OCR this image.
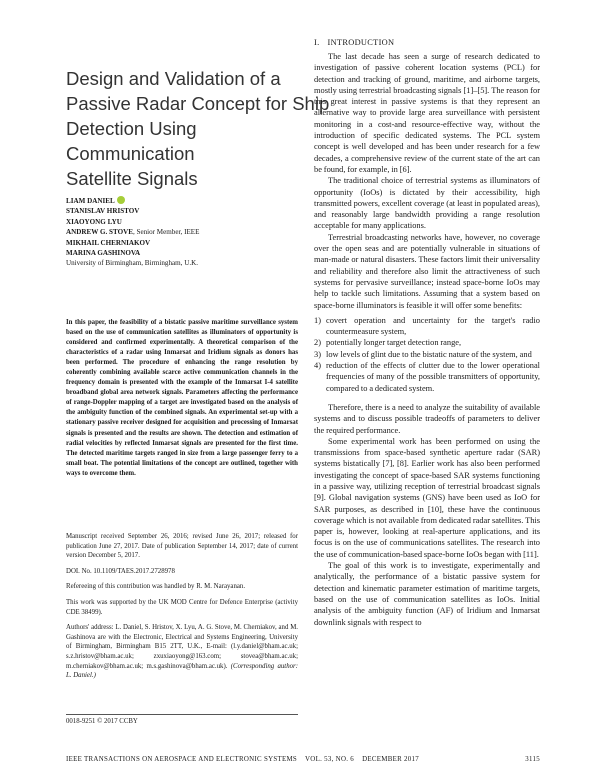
Design and Validation of a
Passive Radar Concept for Ship
Detection Using
Communication
Satellite Signals
LIAM DANIEL
STANISLAV HRISTOV
XIAOYONG LYU
ANDREW G. STOVE, Senior Member, IEEE
MIKHAIL CHERNIAKOV
MARINA GASHINOVA
University of Birmingham, Birmingham, U.K.
In this paper, the feasibility of a bistatic passive maritime surveillance system based on the use of communication satellites as illuminators of opportunity is considered and confirmed experimentally. A theoretical comparison of the characteristics of a radar using Inmarsat and Iridium signals as donors has been performed. The procedure of enhancing the range resolution by coherently combining available scarce active communication channels in the frequency domain is presented with the example of the Inmarsat I-4 satellite broadband global area network signals. Parameters affecting the performance of range-Doppler mapping of a target are investigated based on the analysis of the ambiguity function of the combined signals. An experimental set-up with a stationary passive receiver designed for acquisition and processing of Inmarsat signals is presented and the results are shown. The detection and estimation of radial velocities by reflected Inmarsat signals are presented for the first time. The detected maritime targets ranged in size from a large passenger ferry to a small boat. The potential limitations of the concept are outlined, together with ways to overcome them.

Manuscript received September 26, 2016; revised June 26, 2017; released for publication June 27, 2017. Date of publication September 14, 2017; date of current version December 5, 2017.

DOI. No. 10.1109/TAES.2017.2728978

Refereeing of this contribution was handled by R. M. Narayanan.

This work was supported by the UK MOD Centre for Defence Enterprise (activity CDE 38499).

Authors' address: L. Daniel, S. Hristov, X. Lyu, A. G. Stove, M. Cherniakov, and M. Gashinova are with the Electronic, Electrical and Systems Engineering, University of Birmingham, Birmingham B15 2TT, U.K., E-mail: (l.y.daniel@bham.ac.uk; s.z.hristov@bham.ac.uk; zxuxiaoyong@163.com; stovea@bham.ac.uk; m.cherniakov@bham.ac.uk; m.s.gashinova@bham.ac.uk). (Corresponding author: L. Daniel.)

0018-9251 © 2017 CCBY
I. INTRODUCTION

The last decade has seen a surge of research dedicated to investigation of passive coherent location systems (PCL) for detection and tracking of ground, maritime, and airborne targets, mostly using terrestrial broadcasting signals [1]–[5]. The reason for this great interest in passive systems is that they represent an alternative way to provide large area surveillance with persistent monitoring in a cost-and resource-effective way, without the introduction of specific dedicated systems. The PCL system concept is well developed and has been under research for a few decades, a comprehensive review of the current state of the art can be found, for example, in [6].

The traditional choice of terrestrial systems as illuminators of opportunity (IoOs) is dictated by their accessibility, high transmitted powers, excellent coverage (at least in populated areas), and reasonably large bandwidth providing a range resolution acceptable for many applications.

Terrestrial broadcasting networks have, however, no coverage over the open seas and are potentially vulnerable in situations of man-made or natural disasters. These factors limit their universality and reliability and therefore also limit the attractiveness of such systems for pervasive surveillance; instead space-borne IoOs may help to tackle such limitations. Assuming that a system based on space-borne illuminators is feasible it will offer some benefits:

1) covert operation and uncertainty for the target's radio countermeasure system,
2) potentially longer target detection range,
3) low levels of glint due to the bistatic nature of the system, and
4) reduction of the effects of clutter due to the lower operational frequencies of many of the possible transmitters of opportunity, compared to a dedicated system.

Therefore, there is a need to analyze the suitability of available systems and to discuss possible tradeoffs of parameters to deliver the required performance.

Some experimental work has been performed on using the transmissions from space-based synthetic aperture radar (SAR) systems bistatically [7], [8]. Earlier work has also been performed investigating the concept of space-based SAR systems functioning in a passive way, utilizing reception of terrestrial broadcast signals [9]. Global navigation systems (GNS) have been used as IoO for SAR purposes, as described in [10], these have the continuous coverage which is not available from dedicated radar satellites. This paper is, however, looking at real-aperture applications, and its focus is on the use of communications satellites. The research into the use of communication-based space-borne IoOs began with [11].

The goal of this work is to investigate, experimentally and analytically, the performance of a bistatic passive system for detection and kinematic parameter estimation of maritime targets, based on the use of communication satellites as IoOs. Initial analysis of the ambiguity function (AF) of Iridium and Inmarsat downlink signals with respect to

IEEE TRANSACTIONS ON AEROSPACE AND ELECTRONIC SYSTEMS    VOL. 53, NO. 6    DECEMBER 2017	3115
